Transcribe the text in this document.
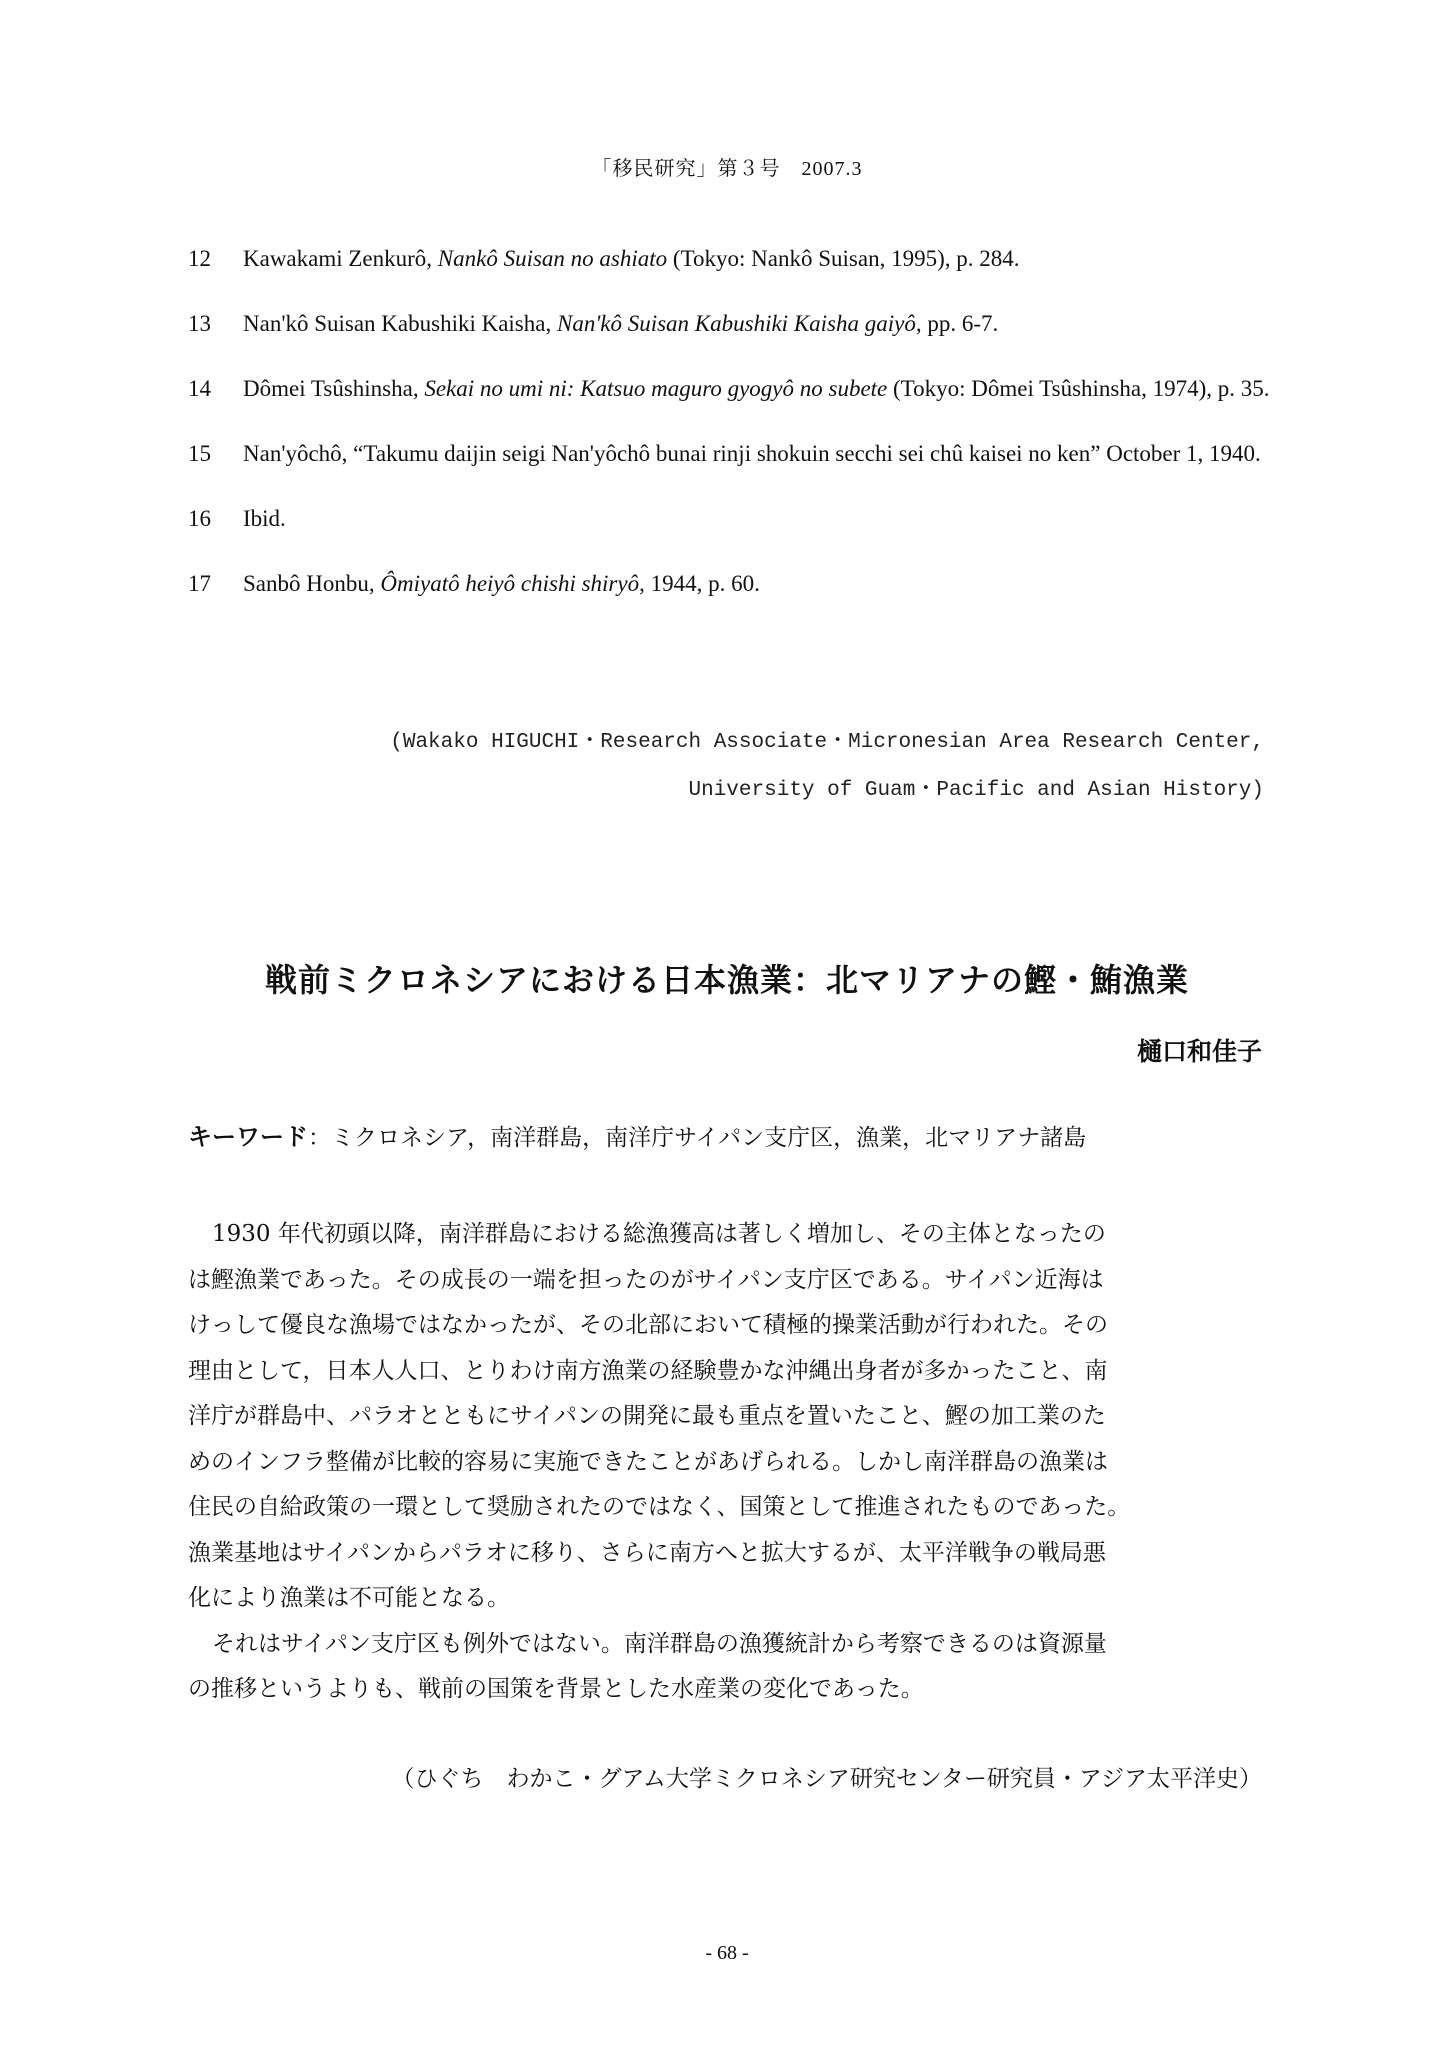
「移民研究」第３号　2007.3
12	Kawakami Zenkurô, Nankô Suisan no ashiato (Tokyo: Nankô Suisan, 1995), p. 284.
13	Nan'kô Suisan Kabushiki Kaisha, Nan'kô Suisan Kabushiki Kaisha gaiyô, pp. 6-7.
14	Dômei Tsûshinsha, Sekai no umi ni: Katsuo maguro gyogyô no subete (Tokyo: Dômei Tsûshinsha, 1974), p. 35.
15	Nan'yôchô, “Takumu daijin seigi Nan'yôchô bunai rinji shokuin secchi sei chû kaisei no ken” October 1, 1940.
16	Ibid.
17	Sanbô Honbu, Ômiyatô heiyô chishi shiryô, 1944, p. 60.
(Wakako HIGUCHI・Research Associate・Micronesian Area Research Center,
University of Guam・Pacific and Asian History)
戦前ミクロネシアにおける日本漁業：北マリアナの鰹・鮪漁業
樋口和佳子
キーワード：ミクロネシア，南洋群島，南洋庁サイパン支庁区，漁業，北マリアナ諸島
1930 年代初頭以降，南洋群島における総漁獲高は著しく増加し、その主体となったの
は鰹漁業であった。その成長の一端を担ったのがサイパン支庁区である。サイパン近海は
けっして優良な漁場ではなかったが、その北部において積極的操業活動が行われた。その
理由として，日本人人口、とりわけ南方漁業の経験豊かな沖縄出身者が多かったこと、南
洋庁が群島中、パラオとともにサイパンの開発に最も重点を置いたこと、鰹の加工業のた
めのインフラ整備が比較的容易に実施できたことがあげられる。しかし南洋群島の漁業は
住民の自給政策の一環として奨励されたのではなく、国策として推進されたものであった。
漁業基地はサイパンからパラオに移り、さらに南方へと拡大するが、太平洋戦争の戦局悪
化により漁業は不可能となる。
それはサイパン支庁区も例外ではない。南洋群島の漁獲統計から考察できるのは資源量
の推移というよりも、戦前の国策を背景とした水産業の変化であった。
（ひぐち　わかこ・グアム大学ミクロネシア研究センター研究員・アジア太平洋史）
- 68 -
